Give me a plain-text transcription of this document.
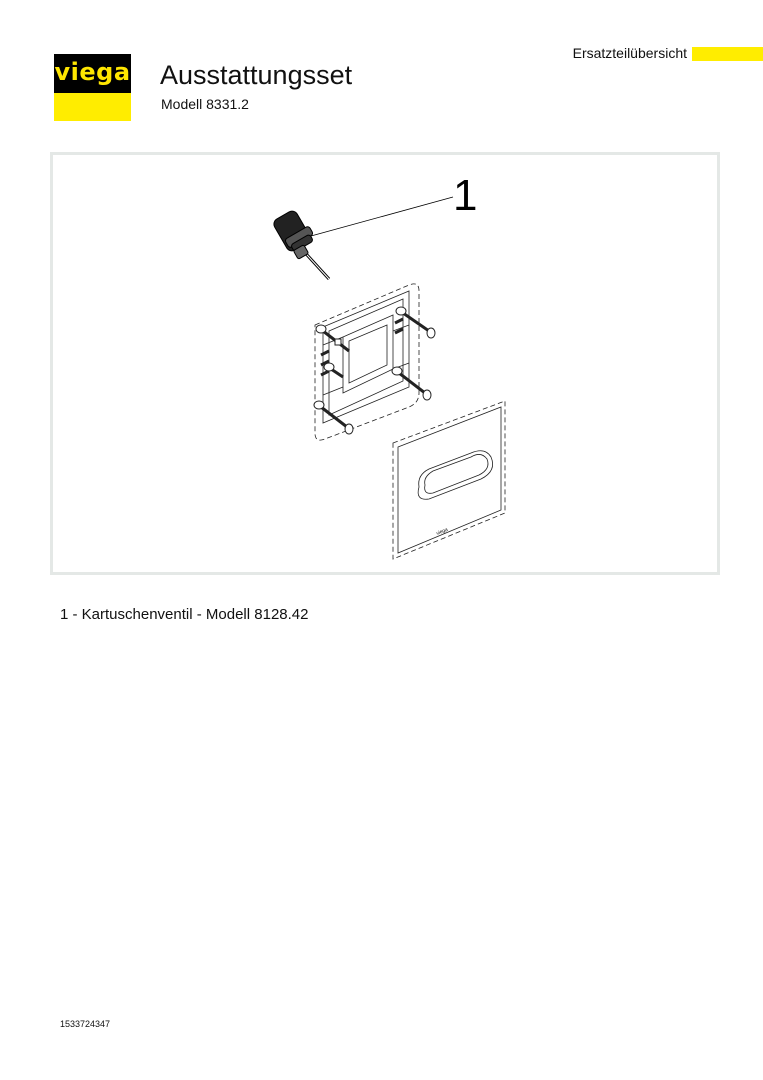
viega Ausstattungsset
Modell 8331.2
Ersatzteilübersicht
1
viega
1 - Kartuschenventil - Modell 8128.42
1533724347
